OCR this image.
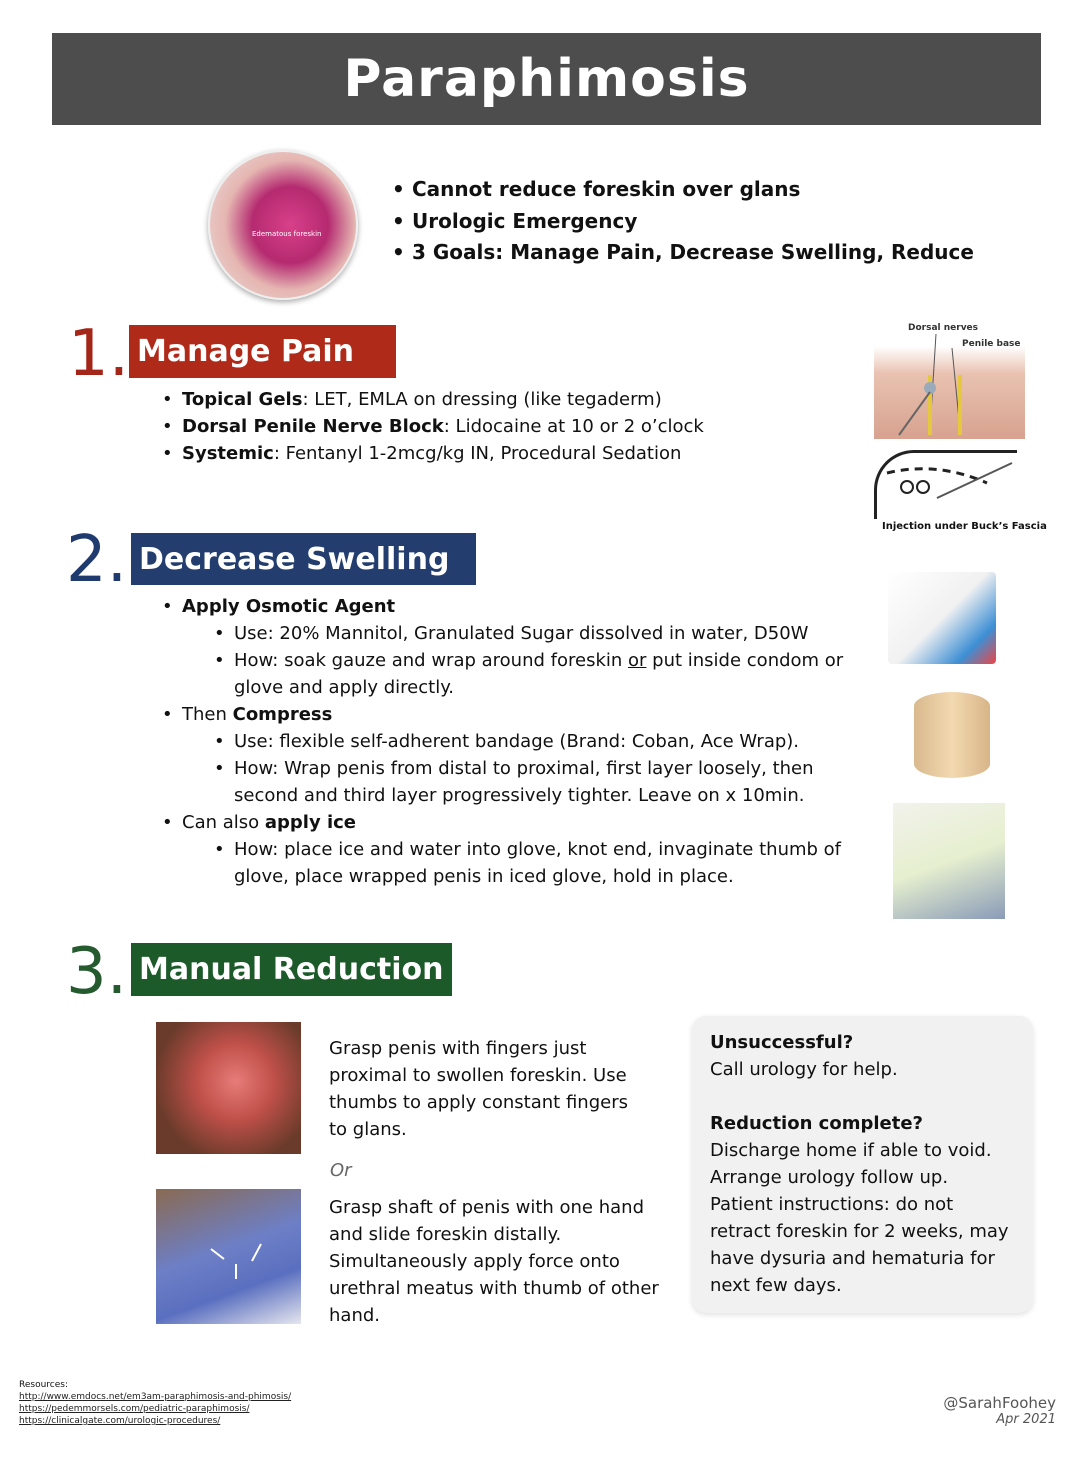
Paraphimosis
Edematous foreskin
• Cannot reduce foreskin over glans
• Urologic Emergency
• 3 Goals: Manage Pain, Decrease Swelling, Reduce
1. Manage Pain
• Topical Gels: LET, EMLA on dressing (like tegaderm)
• Dorsal Penile Nerve Block: Lidocaine at 10 or 2 o’clock
• Systemic: Fentanyl 1-2mcg/kg IN, Procedural Sedation
Dorsal nerves
Penile base
Injection under Buck’s Fascia
2. Decrease Swelling
• Apply Osmotic Agent
• Use: 20% Mannitol, Granulated Sugar dissolved in water, D50W
• How: soak gauze and wrap around foreskin or put inside condom or glove and apply directly.
• Then Compress
• Use: flexible self-adherent bandage (Brand: Coban, Ace Wrap).
• How: Wrap penis from distal to proximal, first layer loosely, then second and third layer progressively tighter. Leave on x 10min.
• Can also apply ice
• How: place ice and water into glove, knot end, invaginate thumb of glove, place wrapped penis in iced glove, hold in place.
3. Manual Reduction
Grasp penis with fingers just proximal to swollen foreskin. Use thumbs to apply constant fingers to glans.
Or
Grasp shaft of penis with one hand and slide foreskin distally. Simultaneously apply force onto urethral meatus with thumb of other hand.
Unsuccessful?
Call urology for help.
Reduction complete?
Discharge home if able to void. Arrange urology follow up. Patient instructions: do not retract foreskin for 2 weeks, may have dysuria and hematuria for next few days.
Resources:
http://www.emdocs.net/em3am-paraphimosis-and-phimosis/
https://pedemmorsels.com/pediatric-paraphimosis/
https://clinicalgate.com/urologic-procedures/
@SarahFoohey
Apr 2021
